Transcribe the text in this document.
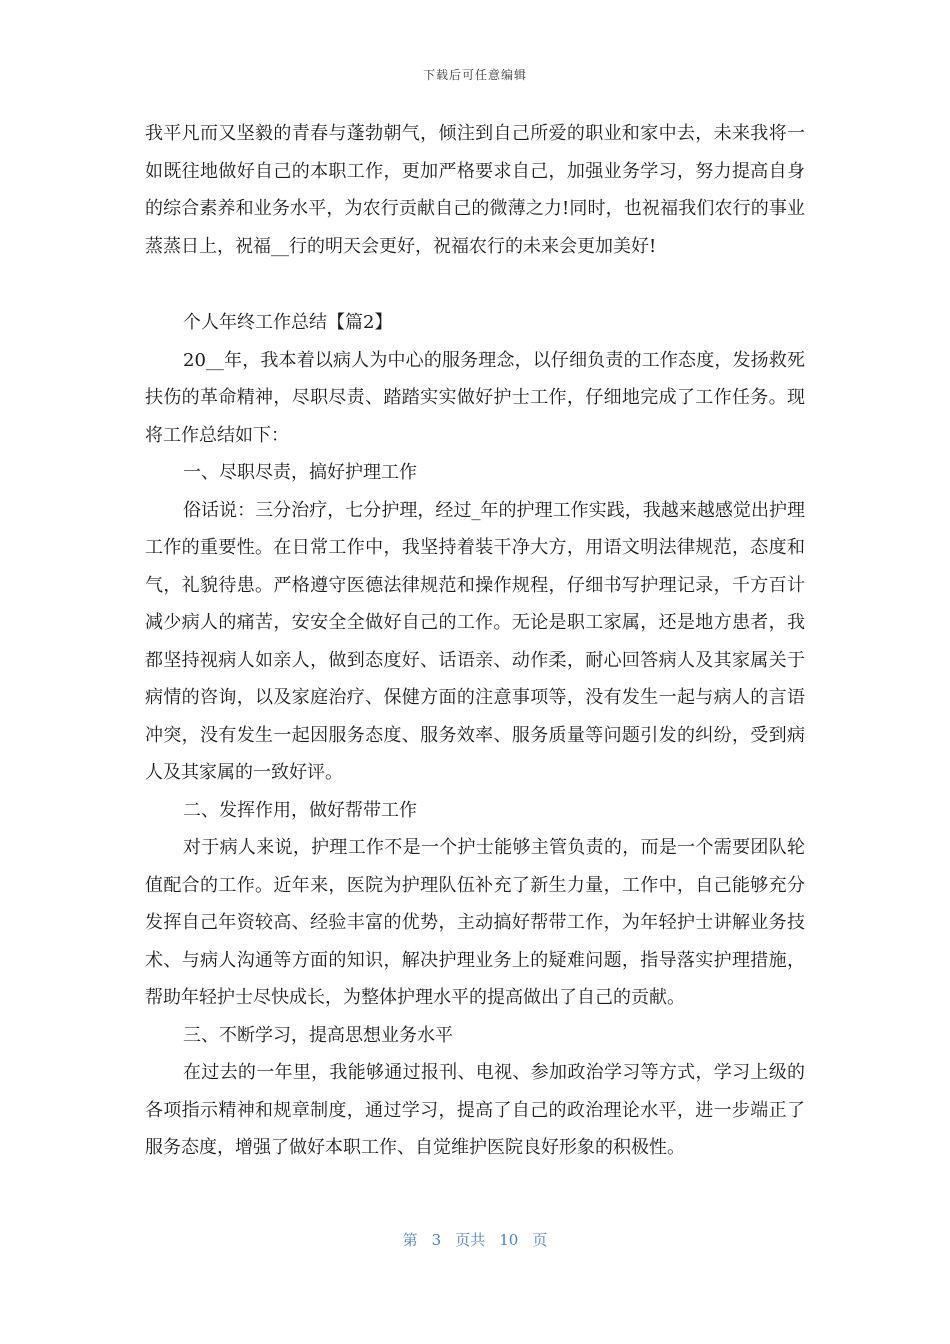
下载后可任意编辑

我平凡而又坚毅的青春与蓬勃朝气，倾注到自己所爱的职业和家中去，未来我将一如既往地做好自己的本职工作，更加严格要求自己，加强业务学习，努力提高自身的综合素养和业务水平，为农行贡献自己的微薄之力!同时，也祝福我们农行的事业蒸蒸日上，祝福__行的明天会更好，祝福农行的未来会更加美好!

个人年终工作总结【篇2】

20__年，我本着以病人为中心的服务理念，以仔细负责的工作态度，发扬救死扶伤的革命精神，尽职尽责、踏踏实实做好护士工作，仔细地完成了工作任务。现将工作总结如下：

一、尽职尽责，搞好护理工作

俗话说：三分治疗，七分护理，经过_年的护理工作实践，我越来越感觉出护理工作的重要性。在日常工作中，我坚持着装干净大方，用语文明法律规范，态度和气，礼貌待患。严格遵守医德法律规范和操作规程，仔细书写护理记录，千方百计减少病人的痛苦，安安全全做好自己的工作。无论是职工家属，还是地方患者，我都坚持视病人如亲人，做到态度好、话语亲、动作柔，耐心回答病人及其家属关于病情的咨询，以及家庭治疗、保健方面的注意事项等，没有发生一起与病人的言语冲突，没有发生一起因服务态度、服务效率、服务质量等问题引发的纠纷，受到病人及其家属的一致好评。

二、发挥作用，做好帮带工作

对于病人来说，护理工作不是一个护士能够主管负责的，而是一个需要团队轮值配合的工作。近年来，医院为护理队伍补充了新生力量，工作中，自己能够充分发挥自己年资较高、经验丰富的优势，主动搞好帮带工作，为年轻护士讲解业务技术、与病人沟通等方面的知识，解决护理业务上的疑难问题，指导落实护理措施，帮助年轻护士尽快成长，为整体护理水平的提高做出了自己的贡献。

三、不断学习，提高思想业务水平

在过去的一年里，我能够通过报刊、电视、参加政治学习等方式，学习上级的各项指示精神和规章制度，通过学习，提高了自己的政治理论水平，进一步端正了服务态度，增强了做好本职工作、自觉维护医院良好形象的积极性。

第 3 页共 10 页
